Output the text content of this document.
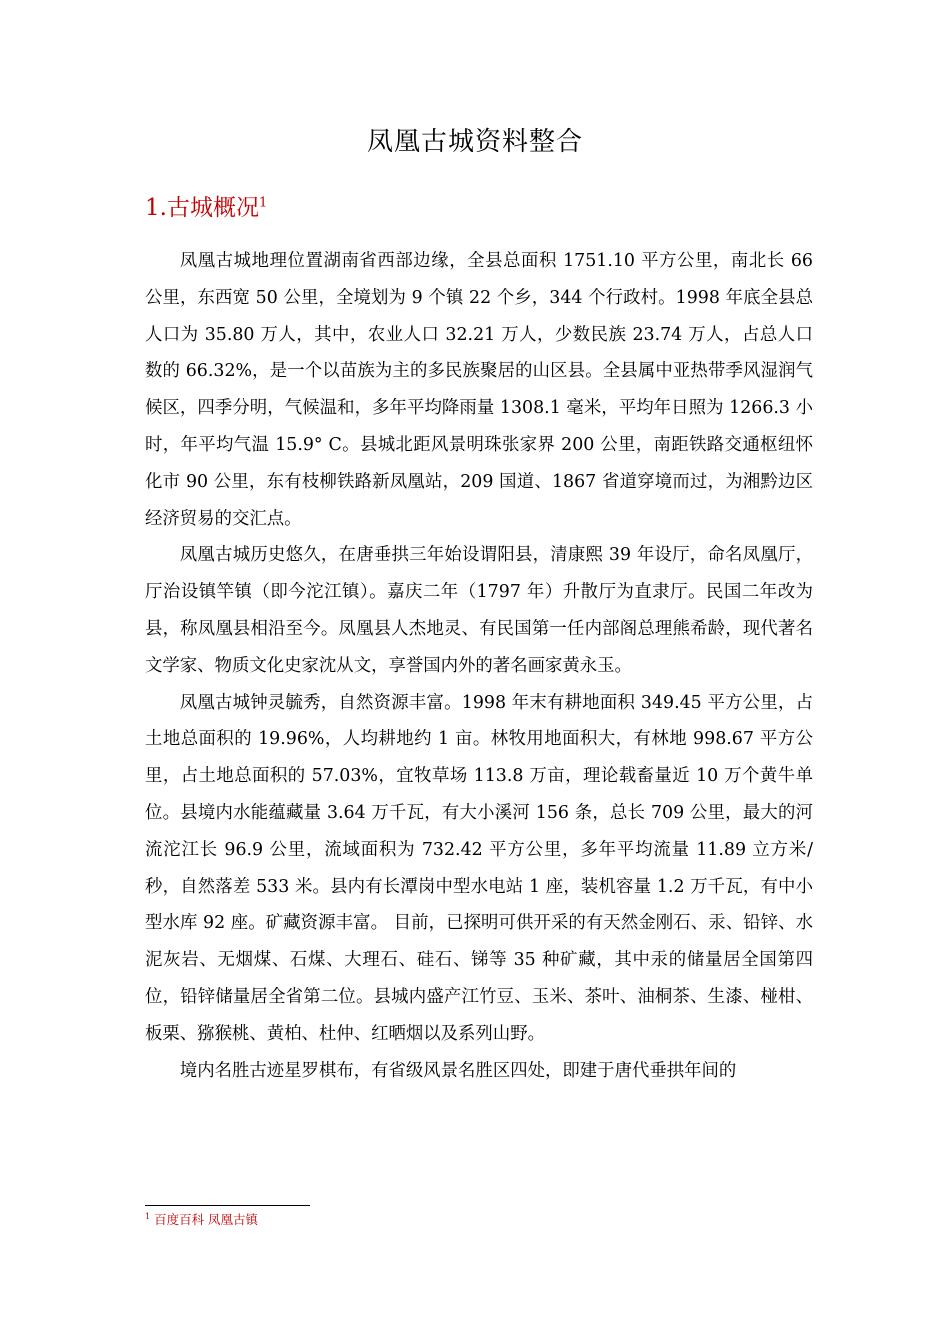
凤凰古城资料整合
1.古城概况$^1$

凤凰古城地理位置湖南省西部边缘，全县总面积 1751.10 平方公里，南北长 66 公里，东西宽 50 公里，全境划为 9 个镇 22 个乡，344 个行政村。1998 年底全县总人口为 35.80 万人，其中，农业人口 32.21 万人，少数民族 23.74 万人，占总人口数的 66.32%，是一个以苗族为主的多民族聚居的山区县。全县属中亚热带季风湿润气候区，四季分明，气候温和，多年平均降雨量 1308.1 毫米，平均年日照为 1266.3 小时，年平均气温 15.9° C。县城北距风景明珠张家界 200 公里，南距铁路交通枢纽怀化市 90 公里，东有枝柳铁路新凤凰站，209 国道、1867 省道穿境而过，为湘黔边区经济贸易的交汇点。

凤凰古城历史悠久，在唐垂拱三年始设谓阳县，清康熙 39 年设厅，命名凤凰厅，厅治设镇竿镇（即今沱江镇）。嘉庆二年（1797 年）升散厅为直隶厅。民国二年改为县，称凤凰县相沿至今。凤凰县人杰地灵、有民国第一任内部阁总理熊希龄，现代著名文学家、物质文化史家沈从文，享誉国内外的著名画家黄永玉。

凤凰古城钟灵毓秀，自然资源丰富。1998 年末有耕地面积 349.45 平方公里，占土地总面积的 19.96%，人均耕地约 1 亩。林牧用地面积大，有林地 998.67 平方公里，占土地总面积的 57.03%，宜牧草场 113.8 万亩，理论载畜量近 10 万个黄牛单位。县境内水能蕴藏量 3.64 万千瓦，有大小溪河 156 条，总长 709 公里，最大的河流沱江长 96.9 公里，流域面积为 732.42 平方公里，多年平均流量 11.89 立方米/秒，自然落差 533 米。县内有长潭岗中型水电站 1 座，装机容量 1.2 万千瓦，有中小型水库 92 座。矿藏资源丰富。 目前，已探明可供开采的有天然金刚石、汞、铅锌、水泥灰岩、无烟煤、石煤、大理石、硅石、锑等 35 种矿藏，其中汞的储量居全国第四位，铅锌储量居全省第二位。县城内盛产江竹豆、玉米、茶叶、油桐茶、生漆、椪柑、板栗、猕猴桃、黄柏、杜仲、红晒烟以及系列山野。

境内名胜古迹星罗棋布，有省级风景名胜区四处，即建于唐代垂拱年间的

$^1$ 百度百科 凤凰古镇
